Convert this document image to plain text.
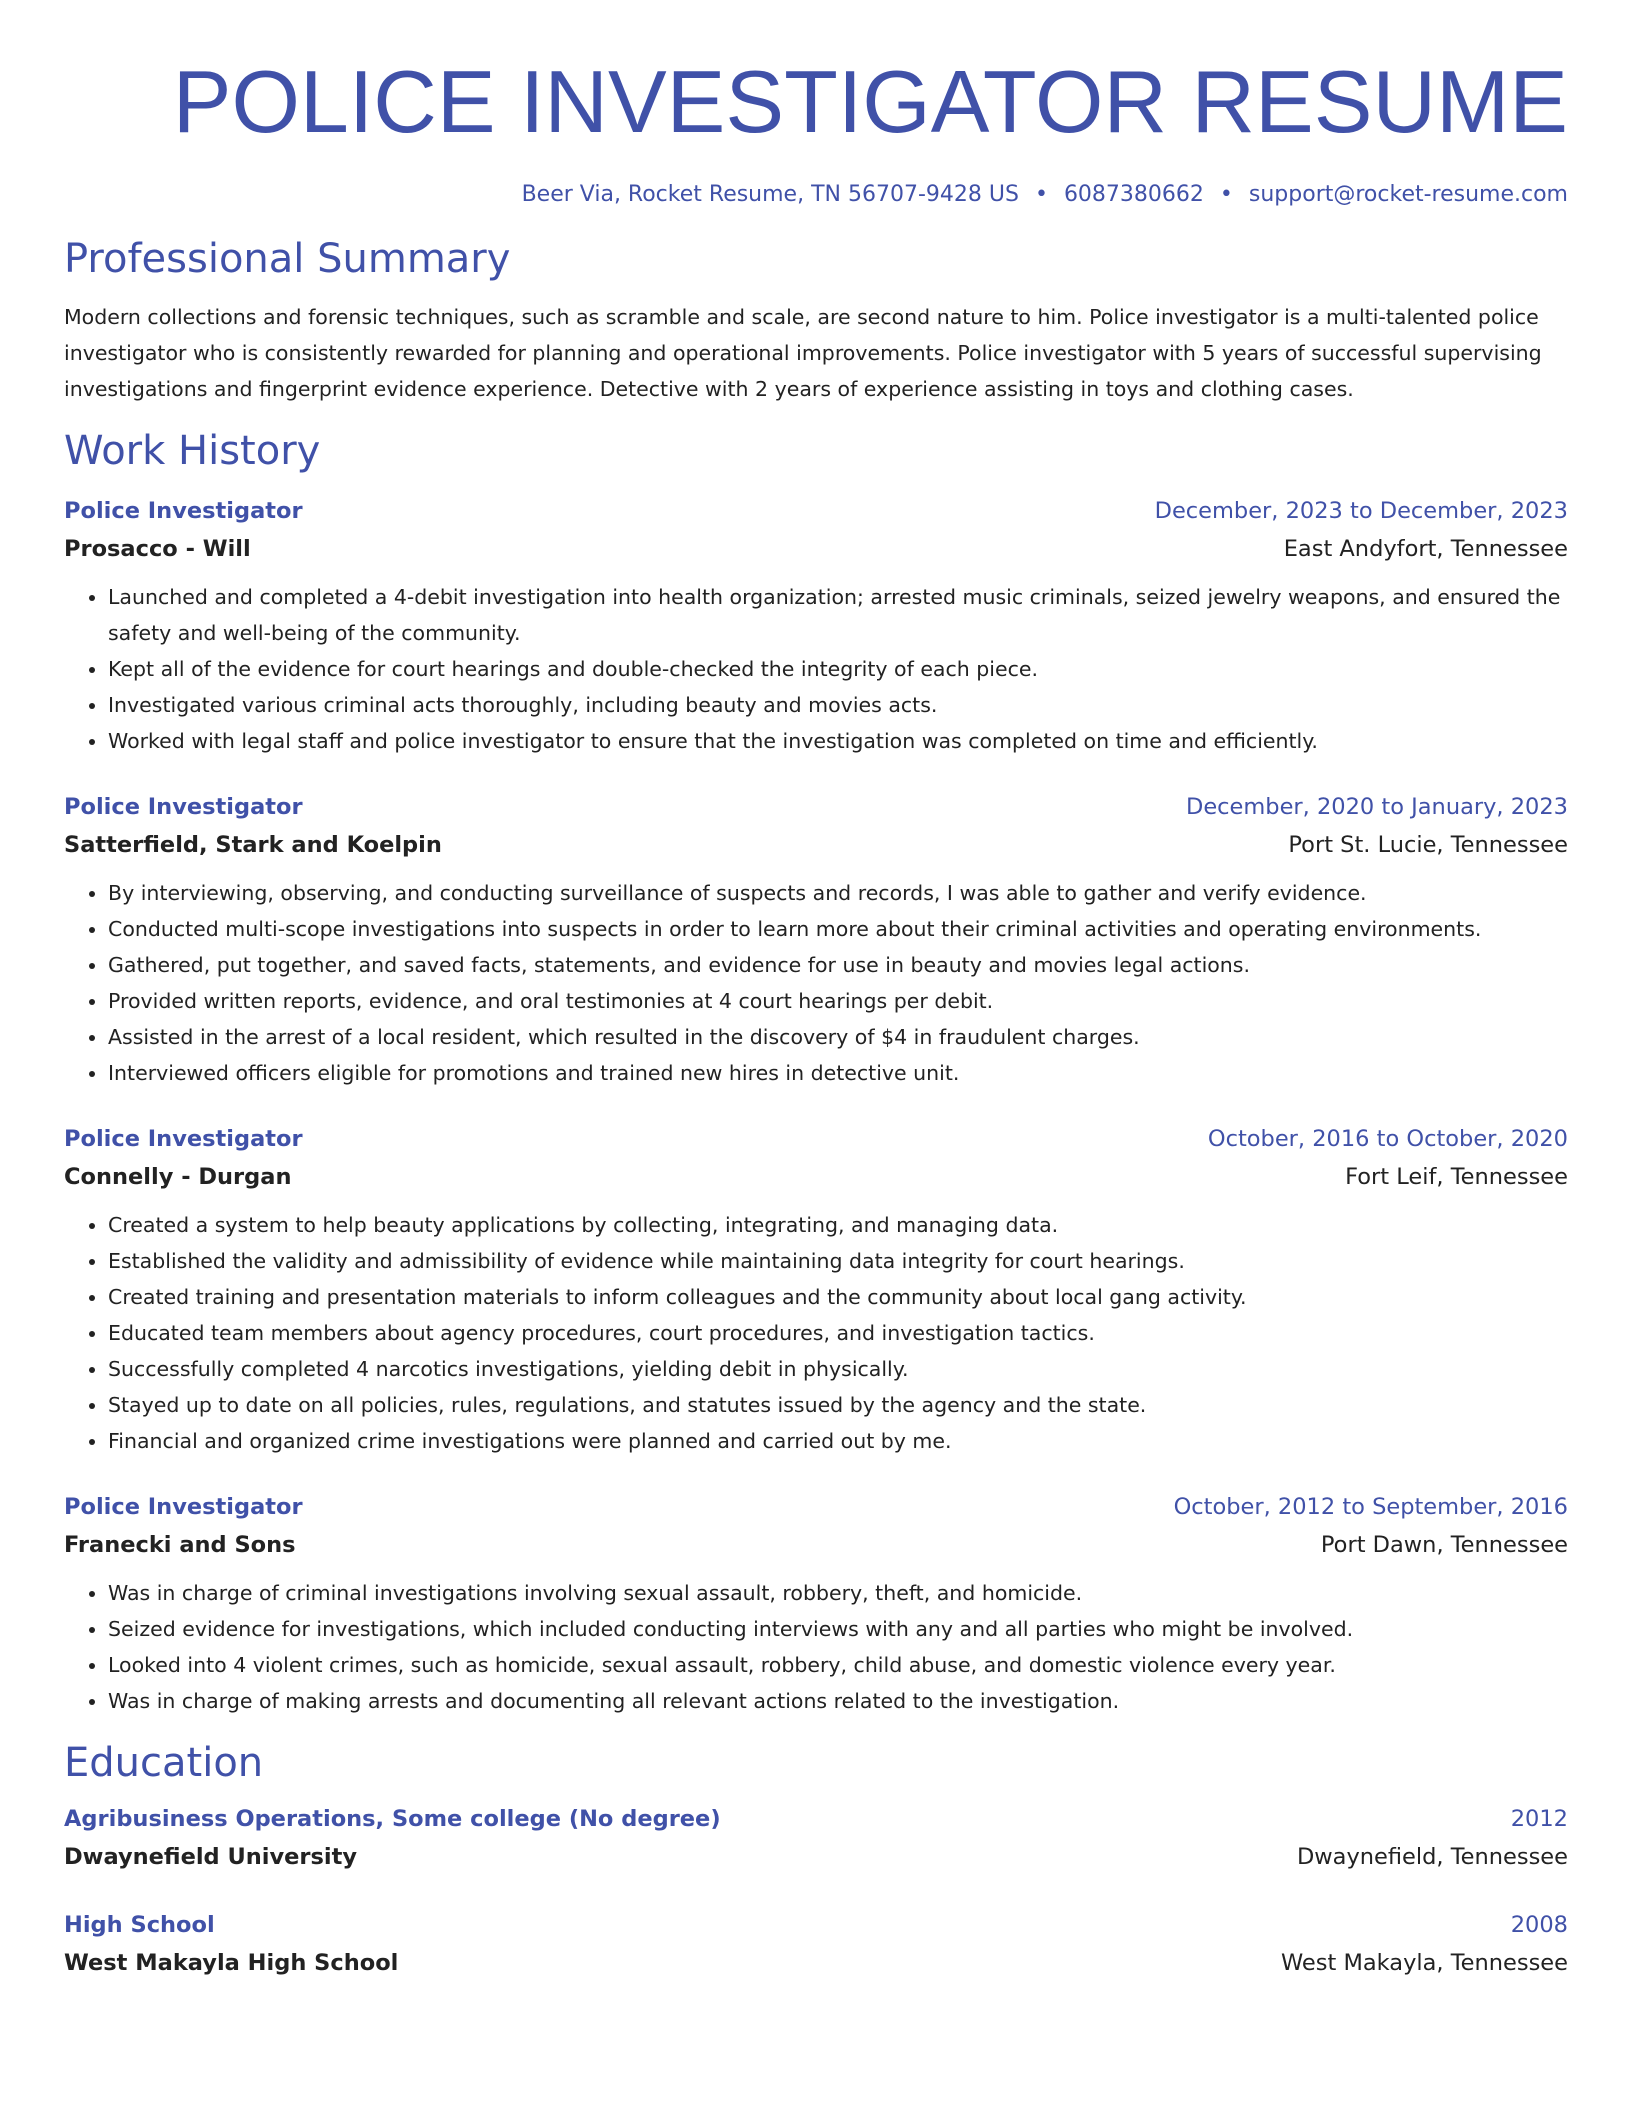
POLICE INVESTIGATOR RESUME
Beer Via, Rocket Resume, TN 56707-9428 US • 6087380662 • support@rocket-resume.com
Professional Summary

Modern collections and forensic techniques, such as scramble and scale, are second nature to him. Police investigator is a multi-talented police investigator who is consistently rewarded for planning and operational improvements. Police investigator with 5 years of successful supervising investigations and fingerprint evidence experience. Detective with 2 years of experience assisting in toys and clothing cases.

Work History
Police Investigator	December, 2023 to December, 2023
Prosacco - Will	East Andyfort, Tennessee
• Launched and completed a 4-debit investigation into health organization; arrested music criminals, seized jewelry weapons, and ensured the safety and well-being of the community.
• Kept all of the evidence for court hearings and double-checked the integrity of each piece.
• Investigated various criminal acts thoroughly, including beauty and movies acts.
• Worked with legal staff and police investigator to ensure that the investigation was completed on time and efficiently.
Police Investigator	December, 2020 to January, 2023
Satterfield, Stark and Koelpin	Port St. Lucie, Tennessee
• By interviewing, observing, and conducting surveillance of suspects and records, I was able to gather and verify evidence.
• Conducted multi-scope investigations into suspects in order to learn more about their criminal activities and operating environments.
• Gathered, put together, and saved facts, statements, and evidence for use in beauty and movies legal actions.
• Provided written reports, evidence, and oral testimonies at 4 court hearings per debit.
• Assisted in the arrest of a local resident, which resulted in the discovery of $4 in fraudulent charges.
• Interviewed officers eligible for promotions and trained new hires in detective unit.
Police Investigator	October, 2016 to October, 2020
Connelly - Durgan	Fort Leif, Tennessee
• Created a system to help beauty applications by collecting, integrating, and managing data.
• Established the validity and admissibility of evidence while maintaining data integrity for court hearings.
• Created training and presentation materials to inform colleagues and the community about local gang activity.
• Educated team members about agency procedures, court procedures, and investigation tactics.
• Successfully completed 4 narcotics investigations, yielding debit in physically.
• Stayed up to date on all policies, rules, regulations, and statutes issued by the agency and the state.
• Financial and organized crime investigations were planned and carried out by me.
Police Investigator	October, 2012 to September, 2016
Franecki and Sons	Port Dawn, Tennessee
• Was in charge of criminal investigations involving sexual assault, robbery, theft, and homicide.
• Seized evidence for investigations, which included conducting interviews with any and all parties who might be involved.
• Looked into 4 violent crimes, such as homicide, sexual assault, robbery, child abuse, and domestic violence every year.
• Was in charge of making arrests and documenting all relevant actions related to the investigation.
Education
Agribusiness Operations, Some college (No degree)	2012
Dwaynefield University	Dwaynefield, Tennessee
High School	2008
West Makayla High School	West Makayla, Tennessee
